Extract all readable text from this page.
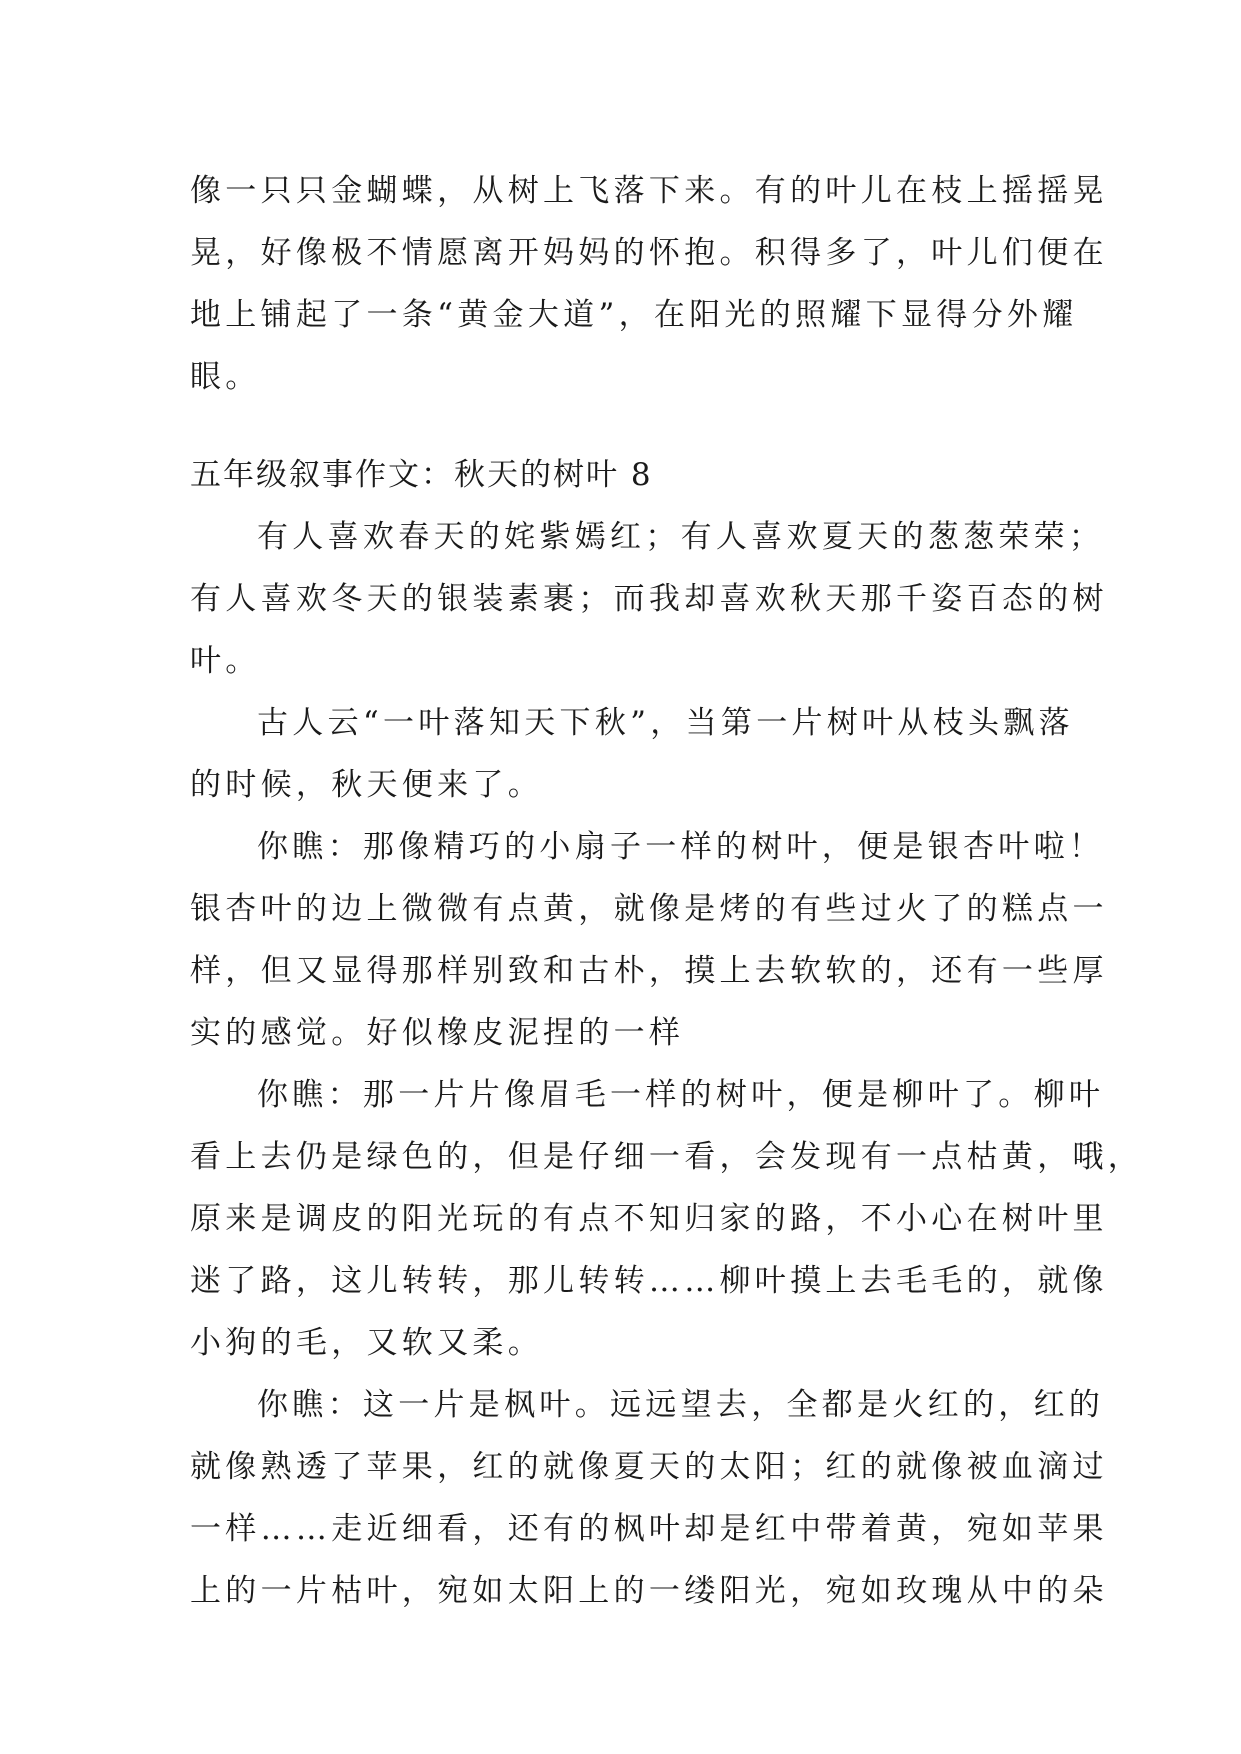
像一只只金蝴蝶，从树上飞落下来。有的叶儿在枝上摇摇晃
晃，好像极不情愿离开妈妈的怀抱。积得多了，叶儿们便在
地上铺起了一条“黄金大道”，在阳光的照耀下显得分外耀
眼。
五年级叙事作文：秋天的树叶 8
有人喜欢春天的姹紫嫣红；有人喜欢夏天的葱葱荣荣；
有人喜欢冬天的银装素裹；而我却喜欢秋天那千姿百态的树
叶。
古人云“一叶落知天下秋”，当第一片树叶从枝头飘落
的时候，秋天便来了。
你瞧：那像精巧的小扇子一样的树叶，便是银杏叶啦！
银杏叶的边上微微有点黄，就像是烤的有些过火了的糕点一
样，但又显得那样别致和古朴，摸上去软软的，还有一些厚
实的感觉。好似橡皮泥捏的一样
你瞧：那一片片像眉毛一样的树叶，便是柳叶了。柳叶
看上去仍是绿色的，但是仔细一看，会发现有一点枯黄，哦，
原来是调皮的阳光玩的有点不知归家的路，不小心在树叶里
迷了路，这儿转转，那儿转转……柳叶摸上去毛毛的，就像
小狗的毛，又软又柔。
你瞧：这一片是枫叶。远远望去，全都是火红的，红的
就像熟透了苹果，红的就像夏天的太阳；红的就像被血滴过
一样……走近细看，还有的枫叶却是红中带着黄，宛如苹果
上的一片枯叶，宛如太阳上的一缕阳光，宛如玫瑰从中的朵
